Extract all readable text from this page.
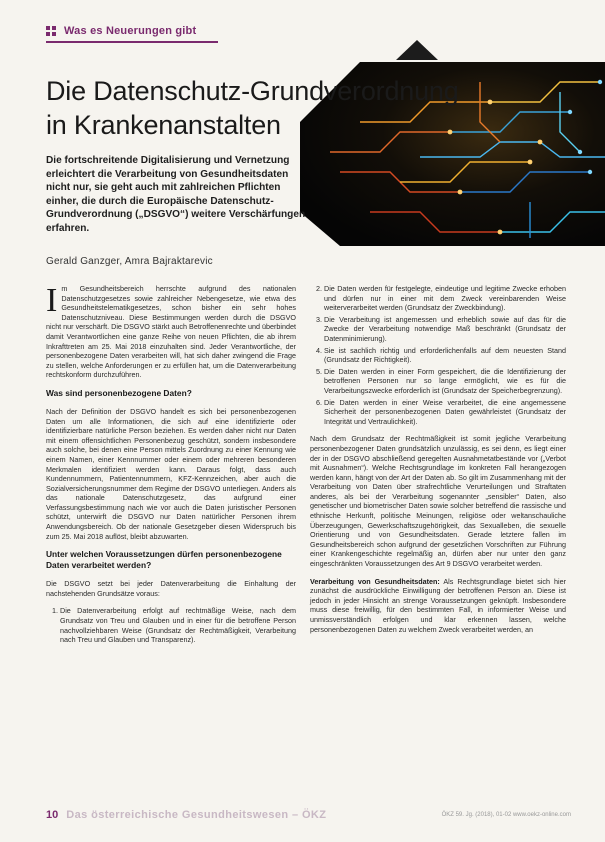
Was es Neuerungen gibt
Die Datenschutz-Grundverordnung
in Krankenanstalten

Die fortschreitende Digitalisierung und Vernetzung erleichtert die Verarbeitung von Gesundheitsdaten nicht nur, sie geht auch mit zahlreichen Pflichten einher, die durch die Europäische Datenschutz-Grundverordnung („DSGVO“) weitere Verschärfungen erfahren.

Gerald Ganzger, Amra Bajraktarevic

Im Gesundheitsbereich herrschte aufgrund des nationalen Datenschutzgesetzes sowie zahlreicher Nebengesetze, wie etwa des Gesundheitstelematikgesetzes, schon bisher ein sehr hohes Datenschutzniveau. Diese Bestimmungen werden durch die DSGVO nicht nur verschärft. Die DSGVO stärkt auch Betroffenenrechte und überbindet damit Verantwortlichen eine ganze Reihe von neuen Pflichten, die ab ihrem Inkrafttreten am 25. Mai 2018 einzuhalten sind. Jeder Verantwortliche, der personenbezogene Daten verarbeiten will, hat sich daher zwingend die Frage zu stellen, welche Anforderungen er zu erfüllen hat, um die Datenverarbeitung rechtskonform durchzuführen.

Was sind personenbezogene Daten?

Nach der Definition der DSGVO handelt es sich bei personenbezogenen Daten um alle Informationen, die sich auf eine identifizierte oder identifizierbare natürliche Person beziehen. Es werden daher nicht nur Daten mit einem offensichtlichen Personenbezug geschützt, sondern insbesondere auch solche, bei denen eine Person mittels Zuordnung zu einer Kennung wie einem Namen, einer Kennnummer oder einem oder mehreren besonderen Merkmalen identifiziert werden kann. Daraus folgt, dass auch Kundennummern, Patientennummern, KFZ-Kennzeichen, aber auch die Sozialversicherungsnummer dem Regime der DSGVO unterliegen. Anders als das nationale Datenschutzgesetz, das aufgrund einer Verfassungsbestimmung nach wie vor auch die Daten juristischer Personen schützt, unterwirft die DSGVO nur Daten natürlicher Personen ihrem Anwendungsbereich. Ob der nationale Gesetzgeber diesen Widerspruch bis zum 25. Mai 2018 auflöst, bleibt abzuwarten.

Unter welchen Voraussetzungen dürfen personenbezogene Daten verarbeitet werden?

Die DSGVO setzt bei jeder Datenverarbeitung die Einhaltung der nachstehenden Grundsätze voraus:

1. Die Datenverarbeitung erfolgt auf rechtmäßige Weise, nach dem Grundsatz von Treu und Glauben und in einer für die betroffene Person nachvollziehbaren Weise (Grundsatz der Rechtmäßigkeit, Verarbeitung nach Treu und Glauben und Transparenz).
2. Die Daten werden für festgelegte, eindeutige und legitime Zwecke erhoben und dürfen nur in einer mit dem Zweck vereinbarenden Weise weiterverarbeitet werden (Grundsatz der Zweckbindung).
3. Die Verarbeitung ist angemessen und erheblich sowie auf das für die Zwecke der Verarbeitung notwendige Maß beschränkt (Grundsatz der Datenminimierung).
4. Sie ist sachlich richtig und erforderlichenfalls auf dem neuesten Stand (Grundsatz der Richtigkeit).
5. Die Daten werden in einer Form gespeichert, die die Identifizierung der betroffenen Personen nur so lange ermöglicht, wie es für die Verarbeitungszwecke erforderlich ist (Grundsatz der Speicherbegrenzung).
6. Die Daten werden in einer Weise verarbeitet, die eine angemessene Sicherheit der personenbezogenen Daten gewährleistet (Grundsatz der Integrität und Vertraulichkeit).

Nach dem Grundsatz der Rechtmäßigkeit ist somit jegliche Verarbeitung personenbezogener Daten grundsätzlich unzulässig, es sei denn, es liegt einer der in der DSGVO abschließend geregelten Ausnahmetatbestände vor („Verbot mit Ausnahmen“). Welche Rechtsgrundlage im konkreten Fall herangezogen werden kann, hängt von der Art der Daten ab. So gilt im Zusammenhang mit der Verarbeitung von Daten über strafrechtliche Verurteilungen und Straftaten anderes, als bei der Verarbeitung sogenannter „sensibler“ Daten, also genetischer und biometrischer Daten sowie solcher betreffend die rassische und ethnische Herkunft, politische Meinungen, religiöse oder weltanschauliche Überzeugungen, Gewerkschaftszugehörigkeit, das Sexualleben, die sexuelle Orientierung und von Gesundheitsdaten. Gerade letztere fallen im Gesundheitsbereich schon aufgrund der gesetzlichen Vorschriften zur Führung einer Krankengeschichte regelmäßig an, dürfen aber nur unter den ganz eingeschränkten Voraussetzungen des Art 9 DSGVO verarbeitet werden.

Verarbeitung von Gesundheitsdaten: Als Rechtsgrundlage bietet sich hier zunächst die ausdrückliche Einwilligung der betroffenen Person an. Diese ist jedoch in jeder Hinsicht an strenge Voraussetzungen geknüpft. Insbesondere muss diese freiwillig, für den bestimmten Fall, in informierter Weise und unmissverständlich erfolgen und klar erkennen lassen, welche personenbezogenen Daten zu welchem Zweck verarbeitet werden, an

10 Das österreichische Gesundheitswesen – ÖKZ	ÖKZ 59. Jg. (2018), 01-02 www.oekz-online.com
